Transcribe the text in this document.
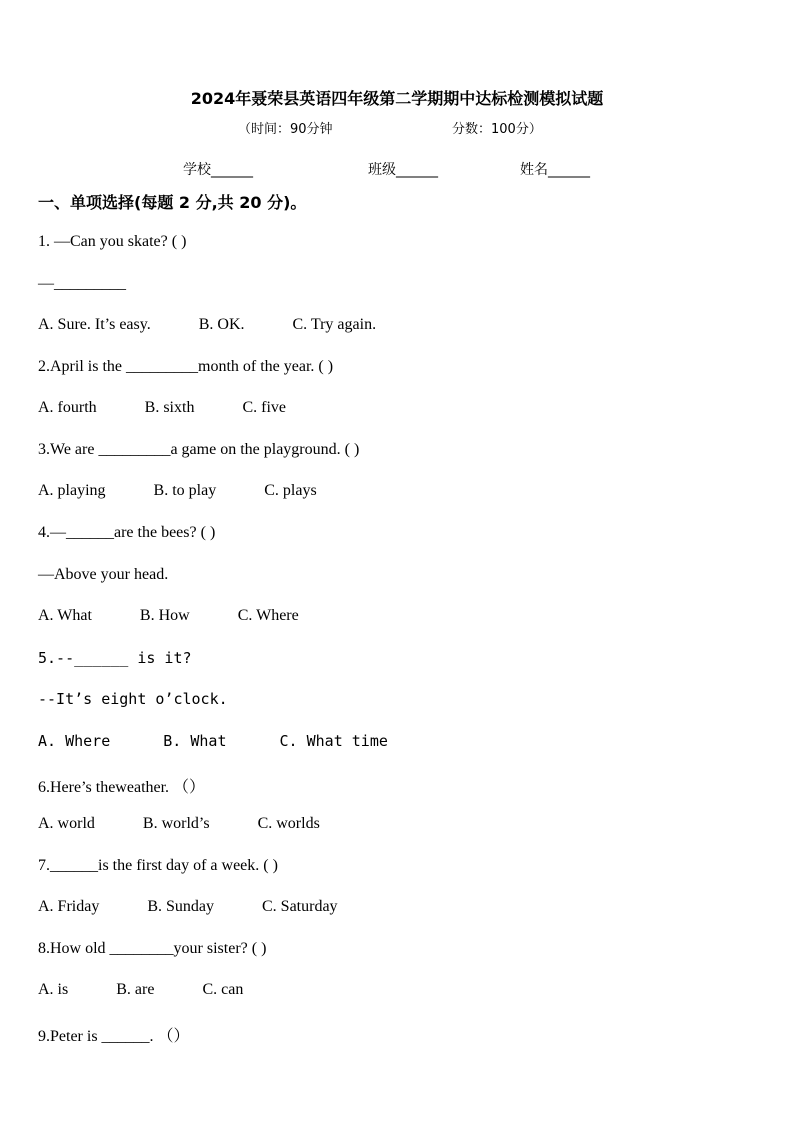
2024年聂荣县英语四年级第二学期期中达标检测模拟试题
（时间：90分钟	分数：100分）
学校______	班级______	姓名______
一、单项选择(每题 2 分,共 20 分)。
1. —Can you skate? ( )
—_________
A. Sure. It’s easy.	B. OK.	C. Try again.
2.April is the _________month of the year. ( )
A. fourth	B. sixth	C. five
3.We are _________a game on the playground. ( )
A. playing	B. to play	C. plays
4.—______are the bees? ( )
—Above your head.
A. What	B. How	C. Where
5.--______ is it?
--It’s eight o’clock.
A. Where	B. What	C. What time
6.Here’s theweather. （）
A. world	B. world’s	C. worlds
7.______is the first day of a week. ( )
A. Friday	B. Sunday	C. Saturday
8.How old ________your sister? ( )
A. is	B. are	C. can
9.Peter is ______. （）
